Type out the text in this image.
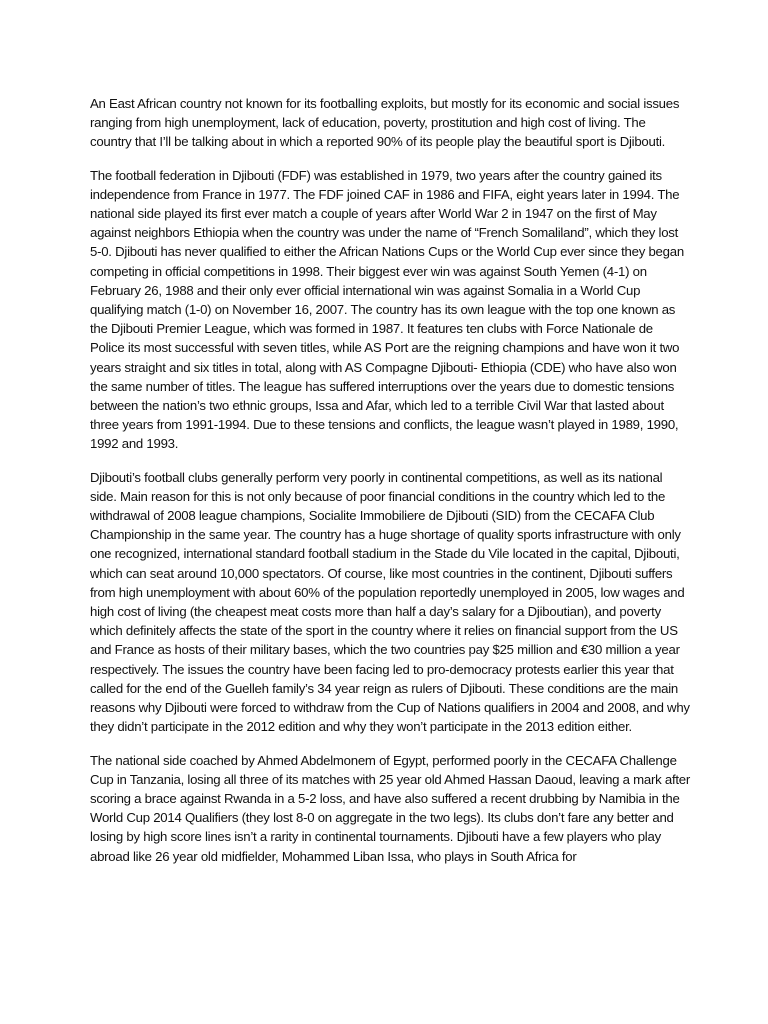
An East African country not known for its footballing exploits, but mostly for its economic and social issues ranging from high unemployment, lack of education, poverty, prostitution and high cost of living. The country that I’ll be talking about in which a reported 90% of its people play the beautiful sport is Djibouti.

The football federation in Djibouti (FDF) was established in 1979, two years after the country gained its independence from France in 1977. The FDF joined CAF in 1986 and FIFA, eight years later in 1994. The national side played its first ever match a couple of years after World War 2 in 1947 on the first of May against neighbors Ethiopia when the country was under the name of “French Somaliland”, which they lost 5-0. Djibouti has never qualified to either the African Nations Cups or the World Cup ever since they began competing in official competitions in 1998. Their biggest ever win was against South Yemen (4-1) on February 26, 1988 and their only ever official international win was against Somalia in a World Cup qualifying match (1-0) on November 16, 2007. The country has its own league with the top one known as the Djibouti Premier League, which was formed in 1987. It features ten clubs with Force Nationale de Police its most successful with seven titles, while AS Port are the reigning champions and have won it two years straight and six titles in total, along with AS Compagne Djibouti- Ethiopia (CDE) who have also won the same number of titles. The league has suffered interruptions over the years due to domestic tensions between the nation’s two ethnic groups, Issa and Afar, which led to a terrible Civil War that lasted about three years from 1991-1994. Due to these tensions and conflicts, the league wasn’t played in 1989, 1990, 1992 and 1993.

Djibouti’s football clubs generally perform very poorly in continental competitions, as well as its national side. Main reason for this is not only because of poor financial conditions in the country which led to the withdrawal of 2008 league champions, Socialite Immobiliere de Djibouti (SID) from the CECAFA Club Championship in the same year. The country has a huge shortage of quality sports infrastructure with only one recognized, international standard football stadium in the Stade du Vile located in the capital, Djibouti, which can seat around 10,000 spectators. Of course, like most countries in the continent, Djibouti suffers from high unemployment with about 60% of the population reportedly unemployed in 2005, low wages and high cost of living (the cheapest meat costs more than half a day’s salary for a Djiboutian), and poverty which definitely affects the state of the sport in the country where it relies on financial support from the US and France as hosts of their military bases, which the two countries pay $25 million and €30 million a year respectively. The issues the country have been facing led to pro-democracy protests earlier this year that called for the end of the Guelleh family’s 34 year reign as rulers of Djibouti. These conditions are the main reasons why Djibouti were forced to withdraw from the Cup of Nations qualifiers in 2004 and 2008, and why they didn’t participate in the 2012 edition and why they won’t participate in the 2013 edition either.

The national side coached by Ahmed Abdelmonem of Egypt, performed poorly in the CECAFA Challenge Cup in Tanzania, losing all three of its matches with 25 year old Ahmed Hassan Daoud, leaving a mark after scoring a brace against Rwanda in a 5-2 loss, and have also suffered a recent drubbing by Namibia in the World Cup 2014 Qualifiers (they lost 8-0 on aggregate in the two legs). Its clubs don’t fare any better and losing by high score lines isn’t a rarity in continental tournaments. Djibouti have a few players who play abroad like 26 year old midfielder, Mohammed Liban Issa, who plays in South Africa for
